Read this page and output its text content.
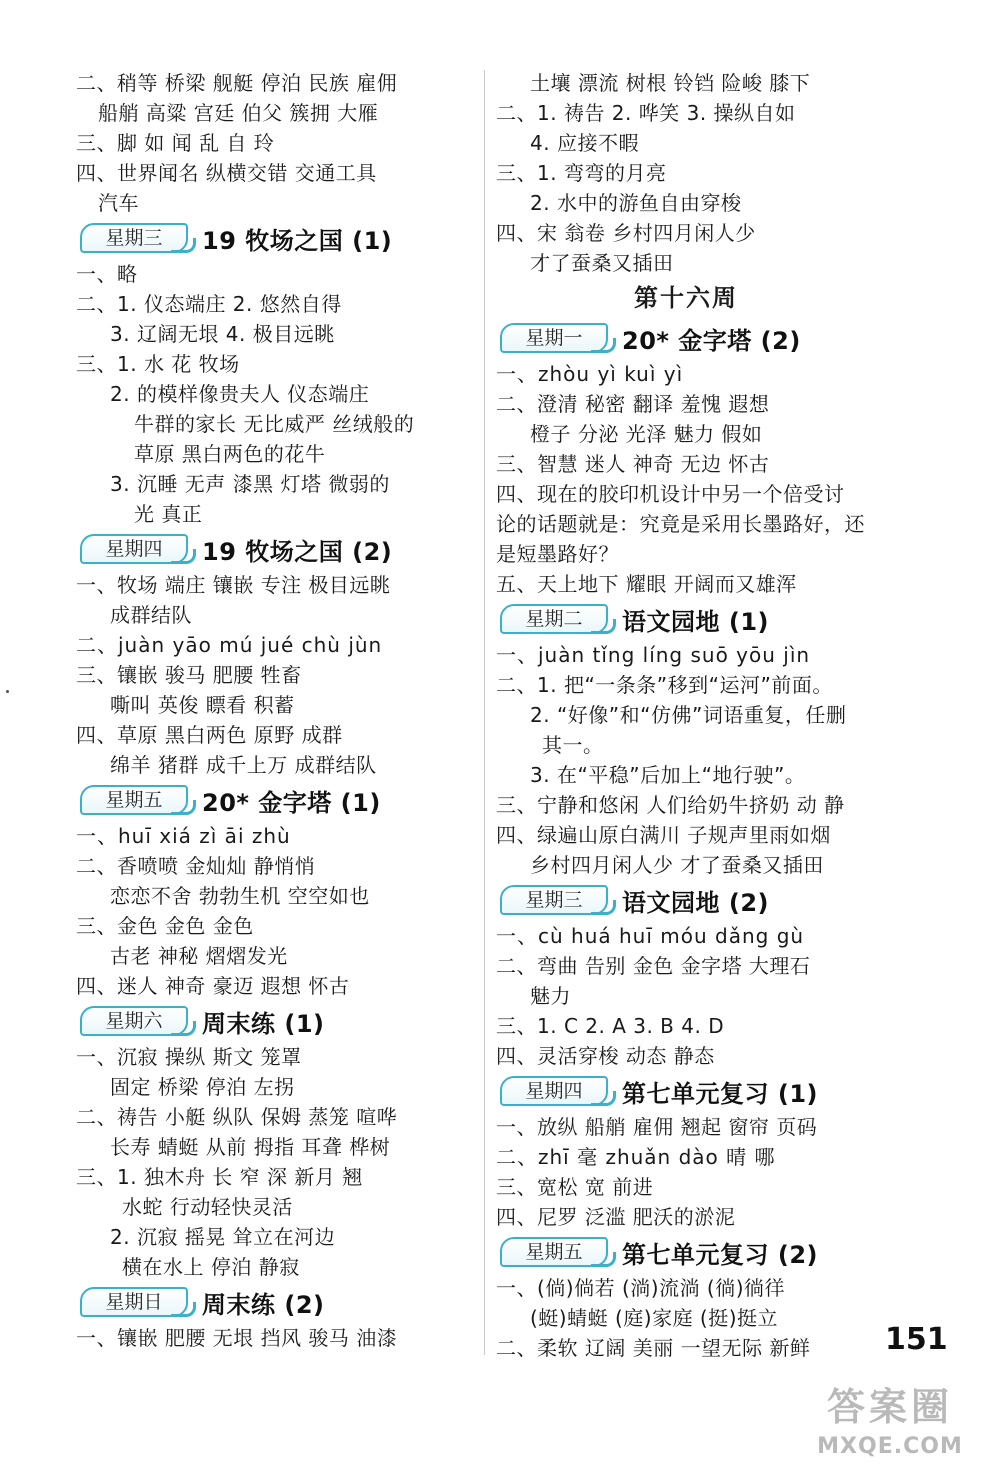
二、稍等 桥梁 舰艇 停泊 民族 雇佣
船艄 高粱 宫廷 伯父 簇拥 大雁
三、脚 如 闻 乱 自 玲
四、世界闻名 纵横交错 交通工具
汽车
星期三	19 牧场之国 (1)
一、略
二、1. 仪态端庄 2. 悠然自得
3. 辽阔无垠 4. 极目远眺
三、1. 水 花 牧场
2. 的模样像贵夫人 仪态端庄
牛群的家长 无比威严 丝绒般的
草原 黑白两色的花牛
3. 沉睡 无声 漆黑 灯塔 微弱的
光 真正
星期四	19 牧场之国 (2)
一、牧场 端庄 镶嵌 专注 极目远眺
成群结队
二、juàn yāo mú jué chù jùn
三、镶嵌 骏马 肥腰 牲畜
嘶叫 英俊 瞟看 积蓄
四、草原 黑白两色 原野 成群
绵羊 猪群 成千上万 成群结队
星期五	20* 金字塔 (1)
一、huī xiá zì āi zhù
二、香喷喷 金灿灿 静悄悄
恋恋不舍 勃勃生机 空空如也
三、金色 金色 金色
古老 神秘 熠熠发光
四、迷人 神奇 豪迈 遐想 怀古
星期六	周末练 (1)
一、沉寂 操纵 斯文 笼罩
固定 桥梁 停泊 左拐
二、祷告 小艇 纵队 保姆 蒸笼 喧哗
长寿 蜻蜓 从前 拇指 耳聋 桦树
三、1. 独木舟 长 窄 深 新月 翘
水蛇 行动轻快灵活
2. 沉寂 摇晃 耸立在河边
横在水上 停泊 静寂
星期日	周末练 (2)
一、镶嵌 肥腰 无垠 挡风 骏马 油漆
土壤 漂流 树根 铃铛 险峻 膝下
二、1. 祷告 2. 哗笑 3. 操纵自如
4. 应接不暇
三、1. 弯弯的月亮
2. 水中的游鱼自由穿梭
四、宋 翁卷 乡村四月闲人少
才了蚕桑又插田
第十六周
星期一	20* 金字塔 (2)
一、zhòu yì kuì yì
二、澄清 秘密 翻译 羞愧 遐想
橙子 分泌 光泽 魅力 假如
三、智慧 迷人 神奇 无边 怀古
四、现在的胶印机设计中另一个倍受讨
论的话题就是：究竟是采用长墨路好，还
是短墨路好？
五、天上地下 耀眼 开阔而又雄浑
星期二	语文园地 (1)
一、juàn tǐng líng suō yōu jìn
二、1. 把“一条条”移到“运河”前面。
2. “好像”和“仿佛”词语重复，任删
其一。
3. 在“平稳”后加上“地行驶”。
三、宁静和悠闲 人们给奶牛挤奶 动 静
四、绿遍山原白满川 子规声里雨如烟
乡村四月闲人少 才了蚕桑又插田
星期三	语文园地 (2)
一、cù huá huī móu dǎng gù
二、弯曲 告别 金色 金字塔 大理石
魅力
三、1. C 2. A 3. B 4. D
四、灵活穿梭 动态 静态
星期四	第七单元复习 (1)
一、放纵 船艄 雇佣 翘起 窗帘 页码
二、zhī 毫 zhuǎn dào 晴 哪
三、宽松 宽 前进
四、尼罗 泛滥 肥沃的淤泥
星期五	第七单元复习 (2)
一、(倘)倘若 (淌)流淌 (徜)徜徉
(蜓)蜻蜓 (庭)家庭 (挺)挺立
二、柔软 辽阔 美丽 一望无际 新鲜	151
答案圈
MXQE.COM
